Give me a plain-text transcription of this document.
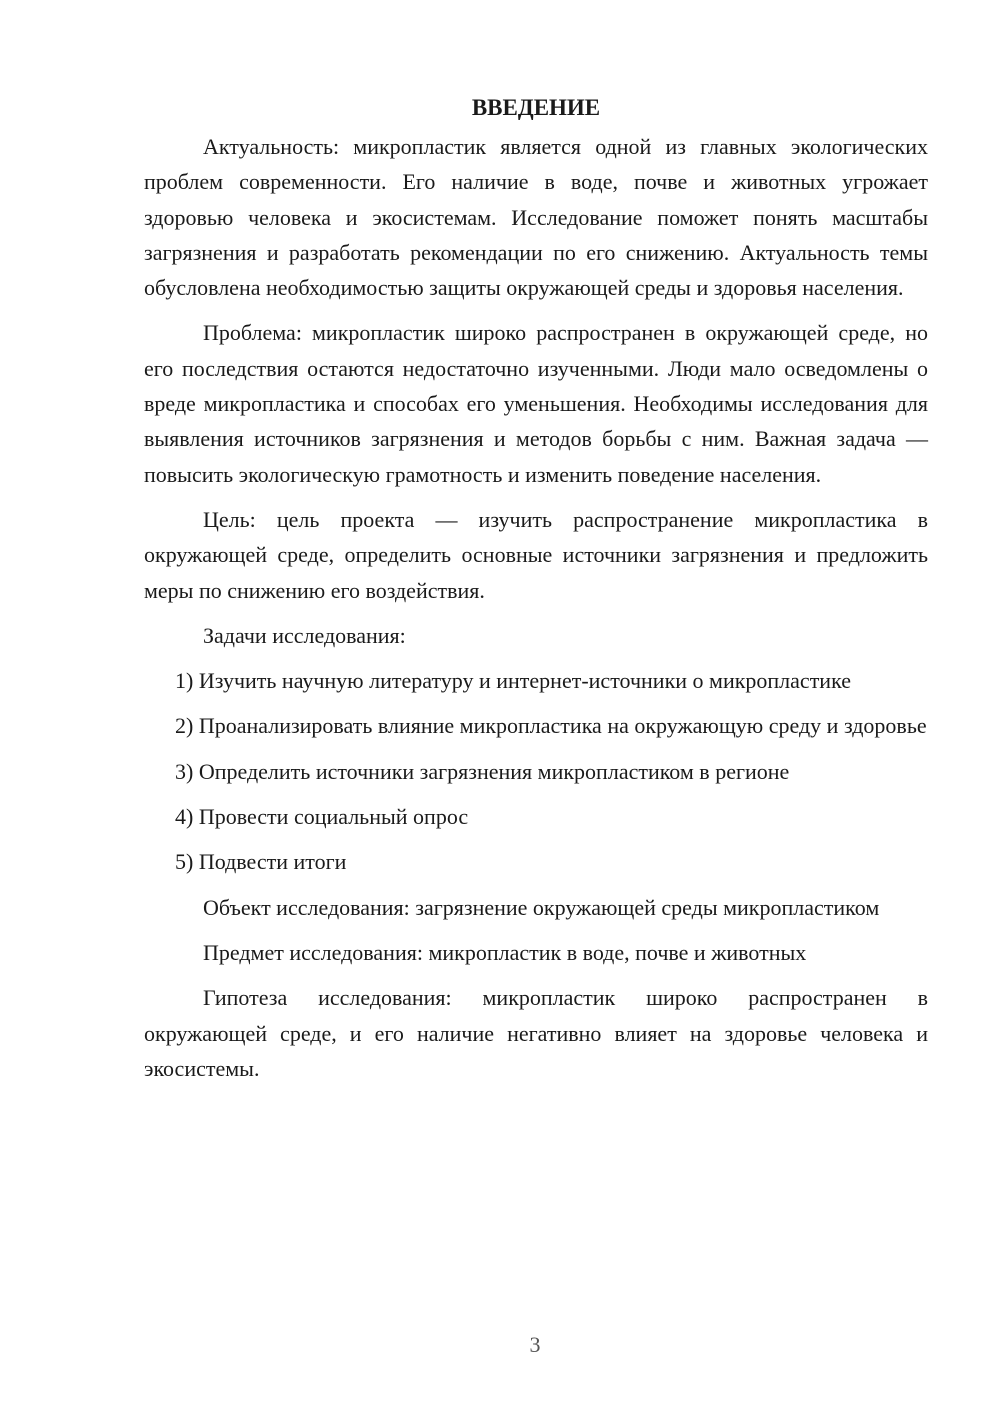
ВВЕДЕНИЕ

Актуальность: микропластик является одной из главных экологических проблем современности. Его наличие в воде, почве и животных угрожает здоровью человека и экосистемам. Исследование поможет понять масштабы загрязнения и разработать рекомендации по его снижению. Актуальность темы обусловлена необходимостью защиты окружающей среды и здоровья населения.

Проблема: микропластик широко распространен в окружающей среде, но его последствия остаются недостаточно изученными. Люди мало осведомлены о вреде микропластика и способах его уменьшения. Необходимы исследования для выявления источников загрязнения и методов борьбы с ним. Важная задача — повысить экологическую грамотность и изменить поведение населения.

Цель: цель проекта — изучить распространение микропластика в окружающей среде, определить основные источники загрязнения и предложить меры по снижению его воздействия.

Задачи исследования:

1) Изучить научную литературу и интернет-источники о микропластике

2) Проанализировать влияние микропластика на окружающую среду и здоровье

3) Определить источники загрязнения микропластиком в регионе

4) Провести социальный опрос

5) Подвести итоги

Объект исследования: загрязнение окружающей среды микропластиком

Предмет исследования: микропластик в воде, почве и животных

Гипотеза исследования: микропластик широко распространен в окружающей среде, и его наличие негативно влияет на здоровье человека и экосистемы.

3
